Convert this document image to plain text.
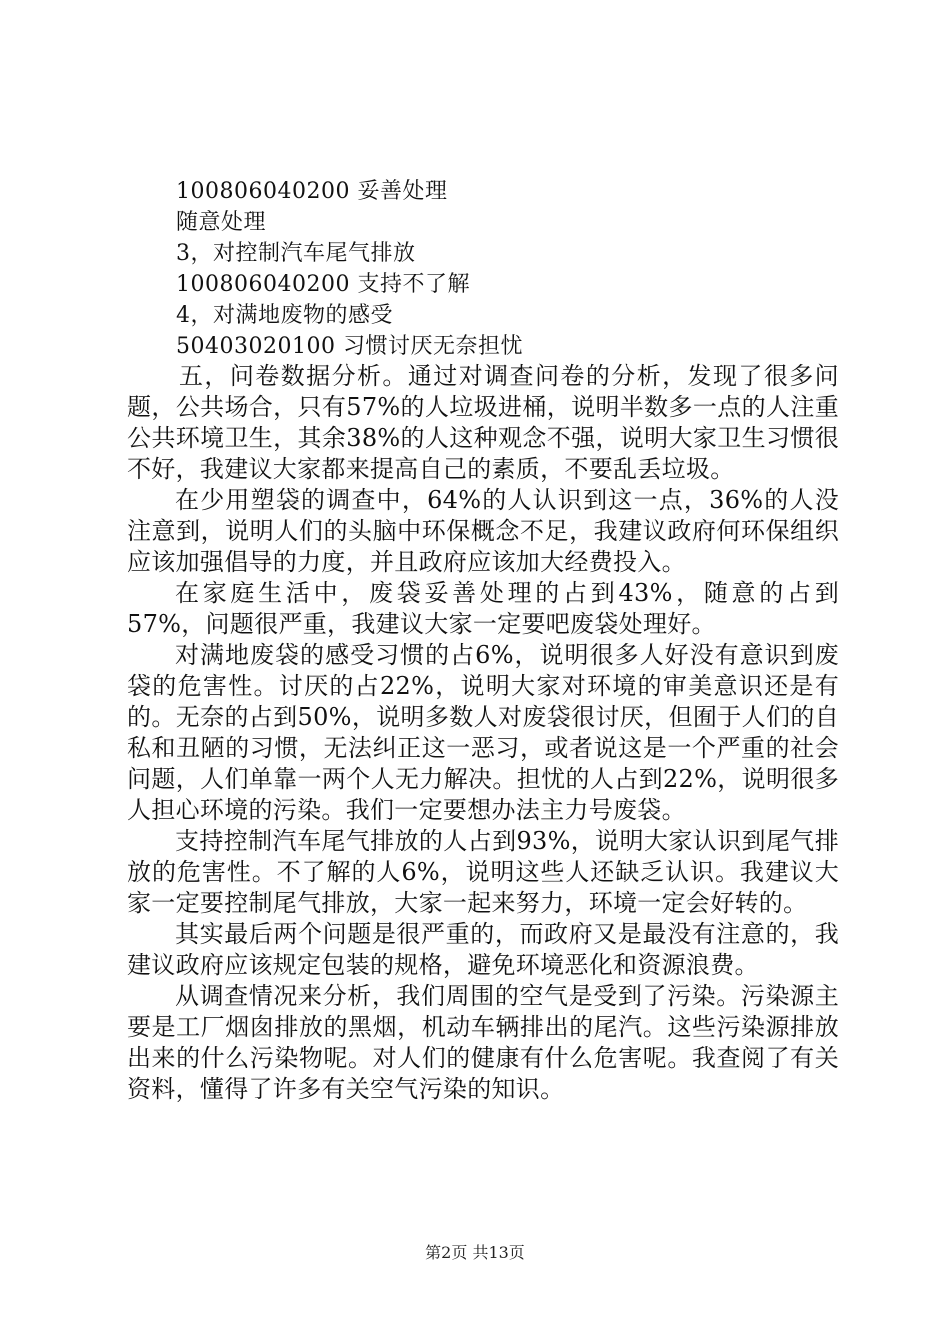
100806040200 妥善处理
随意处理
3，对控制汽车尾气排放
100806040200 支持不了解
4，对满地废物的感受
50403020100 习惯讨厌无奈担忧

五，问卷数据分析。通过对调查问卷的分析，发现了很多问题，公共场合，只有57%的人垃圾进桶，说明半数多一点的人注重公共环境卫生，其余38%的人这种观念不强，说明大家卫生习惯很不好，我建议大家都来提高自己的素质，不要乱丢垃圾。

在少用塑袋的调查中，64%的人认识到这一点，36%的人没注意到，说明人们的头脑中环保概念不足，我建议政府何环保组织应该加强倡导的力度，并且政府应该加大经费投入。

在家庭生活中，废袋妥善处理的占到43%，随意的占到57%，问题很严重，我建议大家一定要吧废袋处理好。

对满地废袋的感受习惯的占6%，说明很多人好没有意识到废袋的危害性。讨厌的占22%，说明大家对环境的审美意识还是有的。无奈的占到50%，说明多数人对废袋很讨厌，但囿于人们的自私和丑陋的习惯，无法纠正这一恶习，或者说这是一个严重的社会问题，人们单靠一两个人无力解决。担忧的人占到22%，说明很多人担心环境的污染。我们一定要想办法主力号废袋。

支持控制汽车尾气排放的人占到93%，说明大家认识到尾气排放的危害性。不了解的人6%，说明这些人还缺乏认识。我建议大家一定要控制尾气排放，大家一起来努力，环境一定会好转的。

其实最后两个问题是很严重的，而政府又是最没有注意的，我建议政府应该规定包装的规格，避免环境恶化和资源浪费。

从调查情况来分析，我们周围的空气是受到了污染。污染源主要是工厂烟囱排放的黑烟，机动车辆排出的尾汽。这些污染源排放出来的什么污染物呢。对人们的健康有什么危害呢。我查阅了有关资料，懂得了许多有关空气污染的知识。

第2页 共13页
